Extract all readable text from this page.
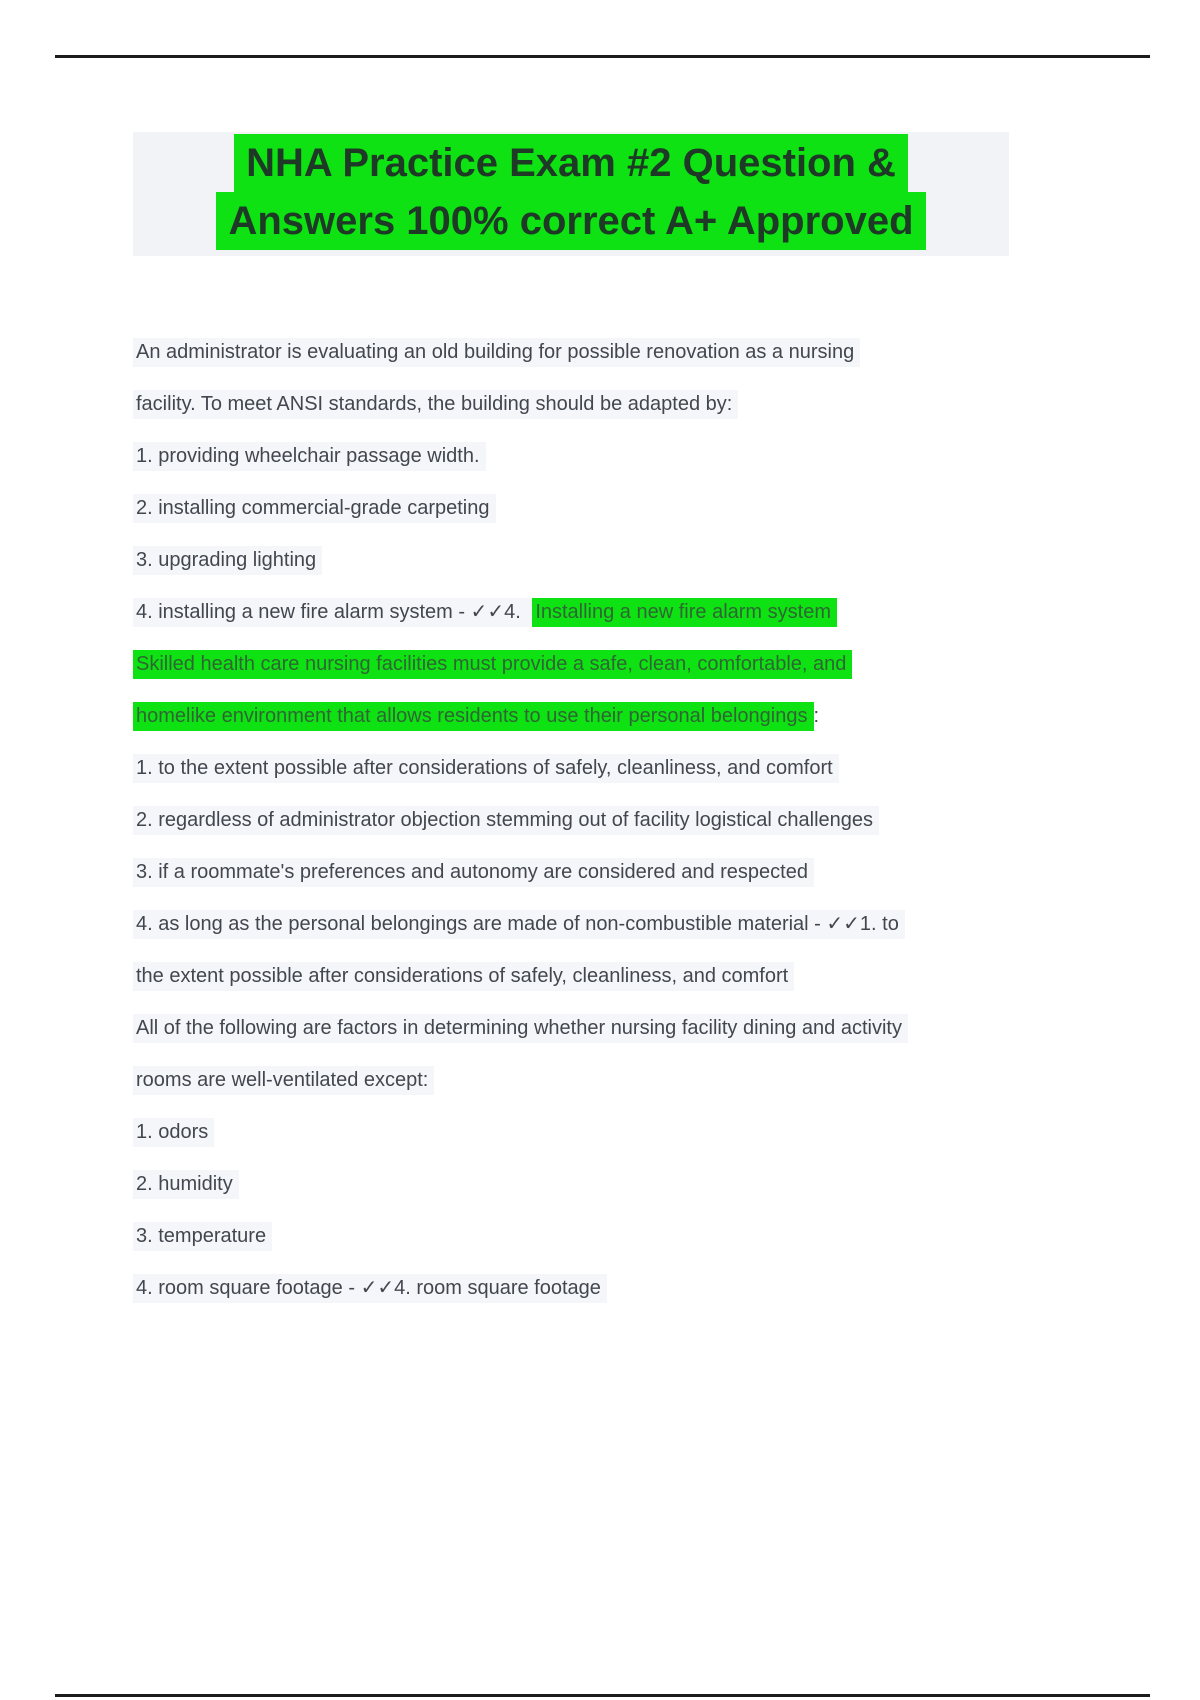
NHA Practice Exam #2 Question &
Answers 100% correct A+ Approved
An administrator is evaluating an old building for possible renovation as a nursing
facility. To meet ANSI standards, the building should be adapted by:
1. providing wheelchair passage width.
2. installing commercial-grade carpeting
3. upgrading lighting
4. installing a new fire alarm system - ✓✓4. Installing a new fire alarm system
Skilled health care nursing facilities must provide a safe, clean, comfortable, and
homelike environment that allows residents to use their personal belongings :
1. to the extent possible after considerations of safely, cleanliness, and comfort
2. regardless of administrator objection stemming out of facility logistical challenges
3. if a roommate's preferences and autonomy are considered and respected
4. as long as the personal belongings are made of non-combustible material - ✓✓1. to
the extent possible after considerations of safely, cleanliness, and comfort
All of the following are factors in determining whether nursing facility dining and activity
rooms are well-ventilated except:
1. odors
2. humidity
3. temperature
4. room square footage - ✓✓4. room square footage
